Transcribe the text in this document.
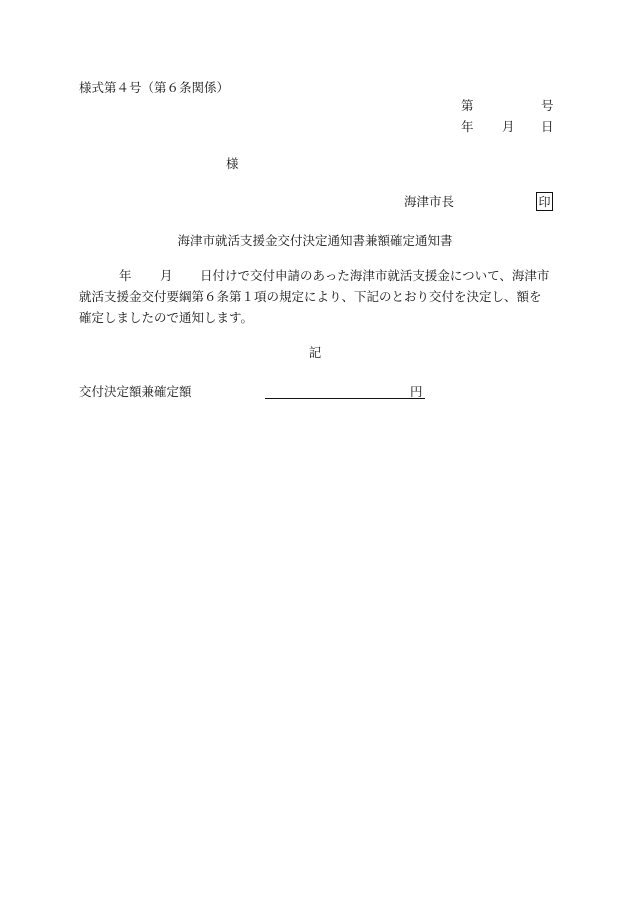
様式第４号（第６条関係）
第	号
年 月 日
様
海津市長	印
海津市就活支援金交付決定通知書兼額確定通知書
年 月 日付けで交付申請のあった海津市就活支援金について、海津市
就活支援金交付要綱第６条第１項の規定により、下記のとおり交付を決定し、額を
確定しましたので通知します。
記
交付決定額兼確定額	円
